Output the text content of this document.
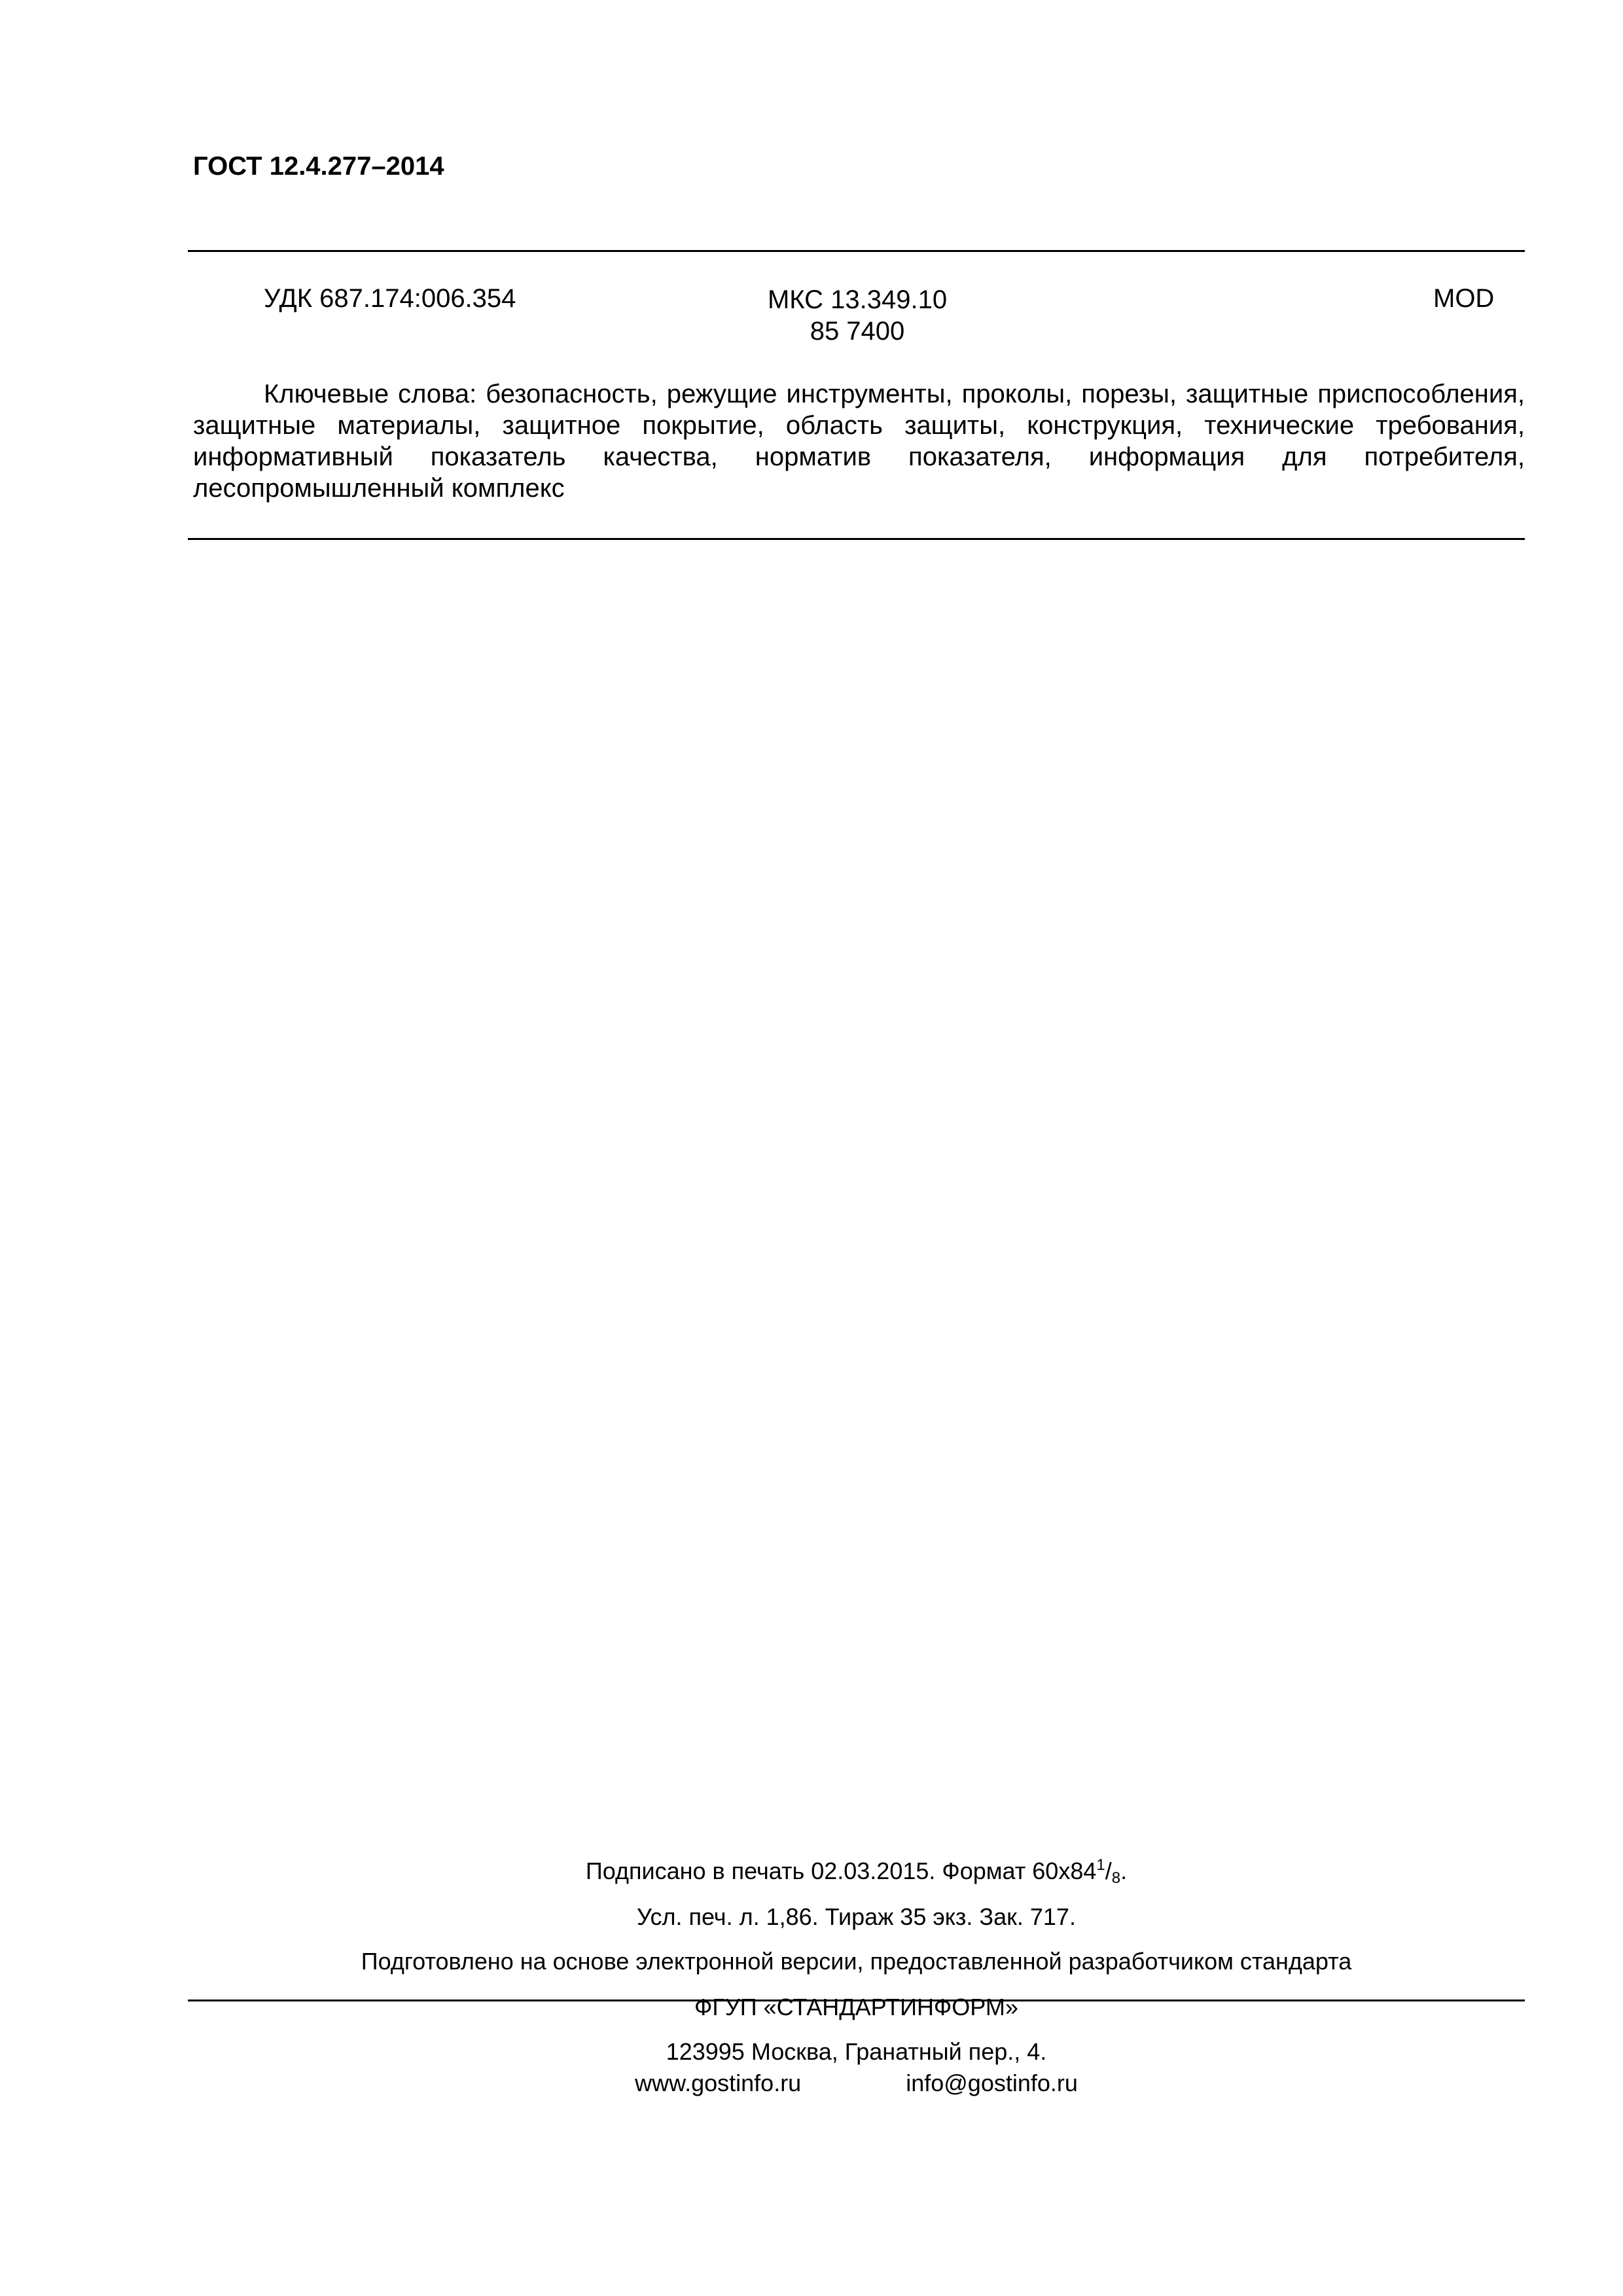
ГОСТ 12.4.277–2014
УДК 687.174:006.354	МКС 13.349.10
85 7400
MOD
Ключевые слова: безопасность, режущие инструменты, проколы, порезы, защитные приспособления, защитные материалы, защитное покрытие, область защиты, конструкция, технические требования, информативный показатель качества, норматив показателя, информация для потребителя, лесопромышленный комплекс
Подписано в печать 02.03.2015. Формат $60x84^1/_8$.
Усл. печ. л. 1,86. Тираж 35 экз. Зак. 717.
Подготовлено на основе электронной версии, предоставленной разработчиком стандарта
ФГУП «СТАНДАРТИНФОРМ»
123995 Москва, Гранатный пер., 4.
www.gostinfo.ru	info@gostinfo.ru
